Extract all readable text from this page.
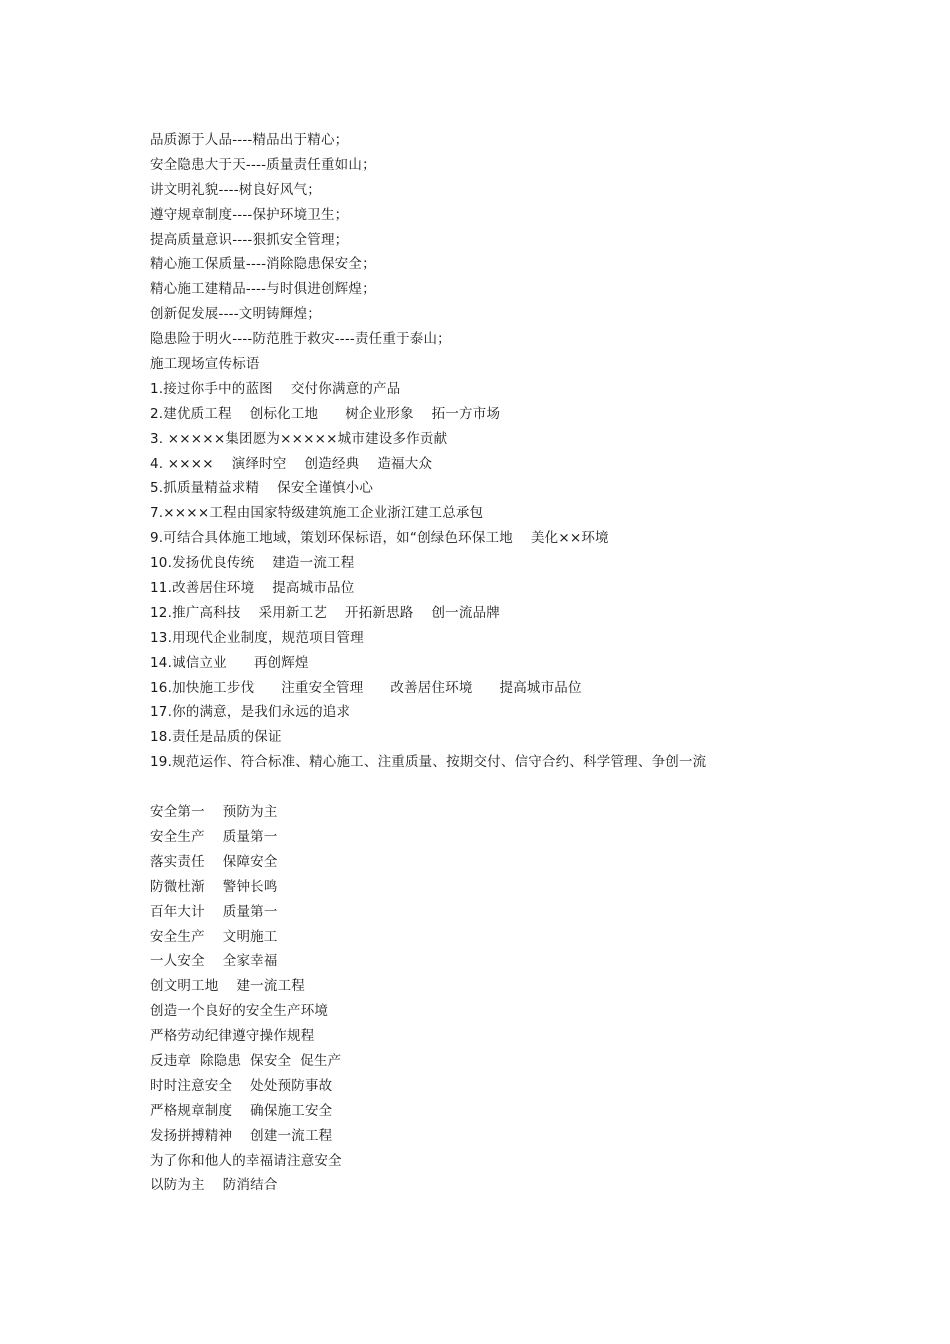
品质源于人品----精品出于精心；
安全隐患大于天----质量责任重如山；
讲文明礼貌----树良好风气；
遵守规章制度----保护环境卫生；
提高质量意识----狠抓安全管理；
精心施工保质量----消除隐患保安全；
精心施工建精品----与时俱进创辉煌；
创新促发展----文明铸輝煌；
隐患险于明火----防范胜于救灾----责任重于泰山；
施工现场宣传标语
1.接过你手中的蓝图    交付你满意的产品
2.建优质工程    创标化工地      树企业形象    拓一方市场
3. ×××××集团愿为×××××城市建设多作贡献
4. ××××    演绎时空    创造经典    造福大众
5.抓质量精益求精    保安全谨慎小心
7.××××工程由国家特级建筑施工企业浙江建工总承包
9.可结合具体施工地域，策划环保标语，如“创绿色环保工地    美化××环境
10.发扬优良传统    建造一流工程
11.改善居住环境    提高城市品位
12.推广高科技    采用新工艺    开拓新思路    创一流品牌
13.用现代企业制度，规范项目管理
14.诚信立业      再创辉煌
16.加快施工步伐      注重安全管理      改善居住环境      提高城市品位
17.你的满意，是我们永远的追求
18.责任是品质的保证
19.规范运作、符合标准、精心施工、注重质量、按期交付、信守合约、科学管理、争创一流
安全第一    预防为主
安全生产    质量第一
落实责任    保障安全
防微杜渐    警钟长鸣
百年大计    质量第一
安全生产    文明施工
一人安全    全家幸福
创文明工地    建一流工程
创造一个良好的安全生产环境
严格劳动纪律遵守操作规程
反违章  除隐患  保安全  促生产
时时注意安全    处处预防事故
严格规章制度    确保施工安全
发扬拼搏精神    创建一流工程
为了你和他人的幸福请注意安全
以防为主    防消结合
